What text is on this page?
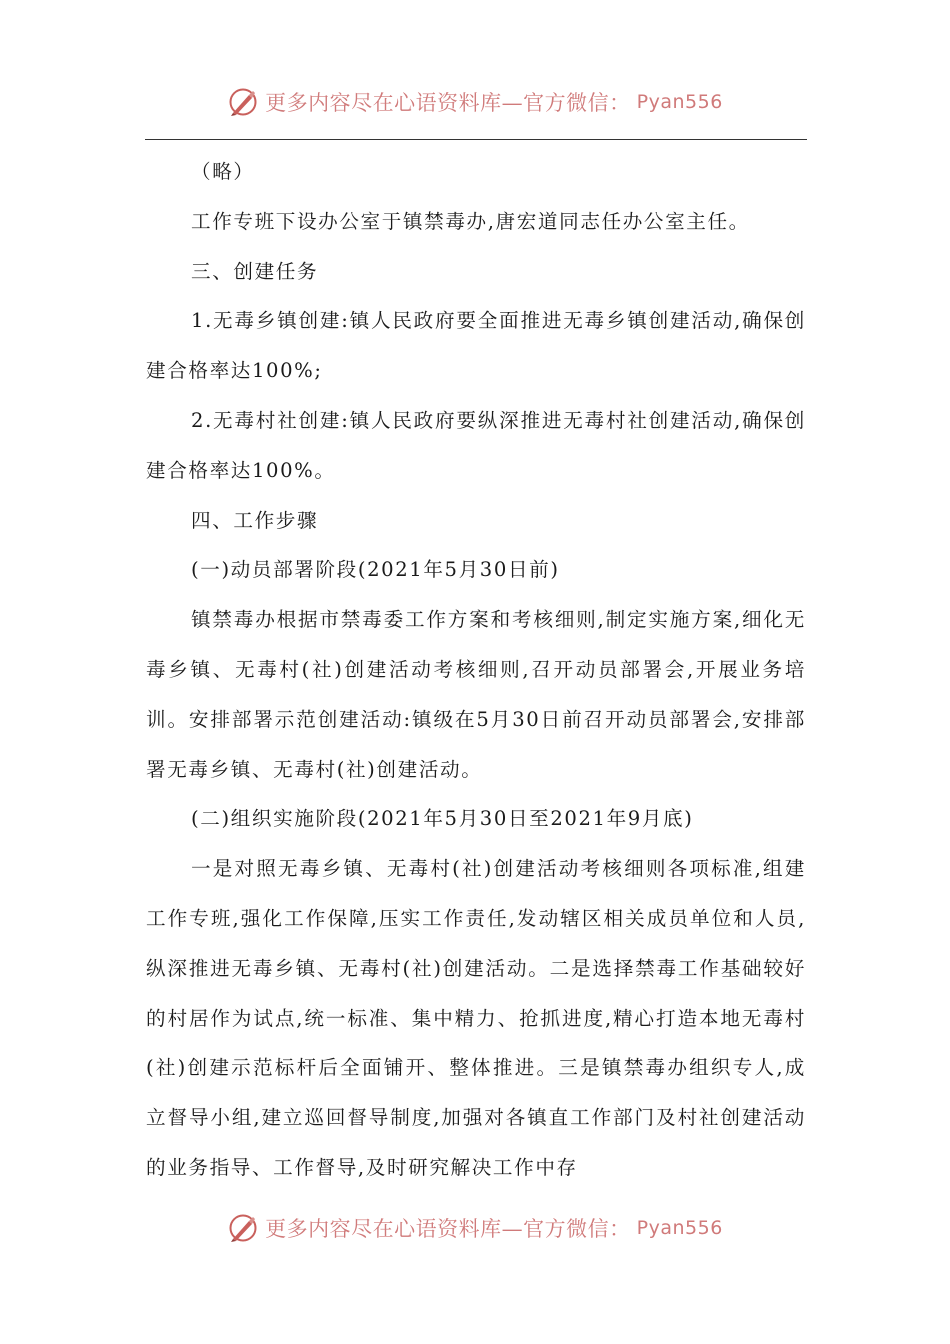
更多内容尽在心语资料库—官方微信： Pyan556

（略）

工作专班下设办公室于镇禁毒办,唐宏道同志任办公室主任。

三、创建任务

1.无毒乡镇创建:镇人民政府要全面推进无毒乡镇创建活动,确保创建合格率达100%;

2.无毒村社创建:镇人民政府要纵深推进无毒村社创建活动,确保创建合格率达100%。

四、工作步骤

(一)动员部署阶段(2021年5月30日前)

镇禁毒办根据市禁毒委工作方案和考核细则,制定实施方案,细化无毒乡镇、无毒村(社)创建活动考核细则,召开动员部署会,开展业务培训。安排部署示范创建活动:镇级在5月30日前召开动员部署会,安排部署无毒乡镇、无毒村(社)创建活动。

(二)组织实施阶段(2021年5月30日至2021年9月底)

一是对照无毒乡镇、无毒村(社)创建活动考核细则各项标准,组建工作专班,强化工作保障,压实工作责任,发动辖区相关成员单位和人员,纵深推进无毒乡镇、无毒村(社)创建活动。二是选择禁毒工作基础较好的村居作为试点,统一标准、集中精力、抢抓进度,精心打造本地无毒村(社)创建示范标杆后全面铺开、整体推进。三是镇禁毒办组织专人,成立督导小组,建立巡回督导制度,加强对各镇直工作部门及村社创建活动的业务指导、工作督导,及时研究解决工作中存

更多内容尽在心语资料库—官方微信： Pyan556
